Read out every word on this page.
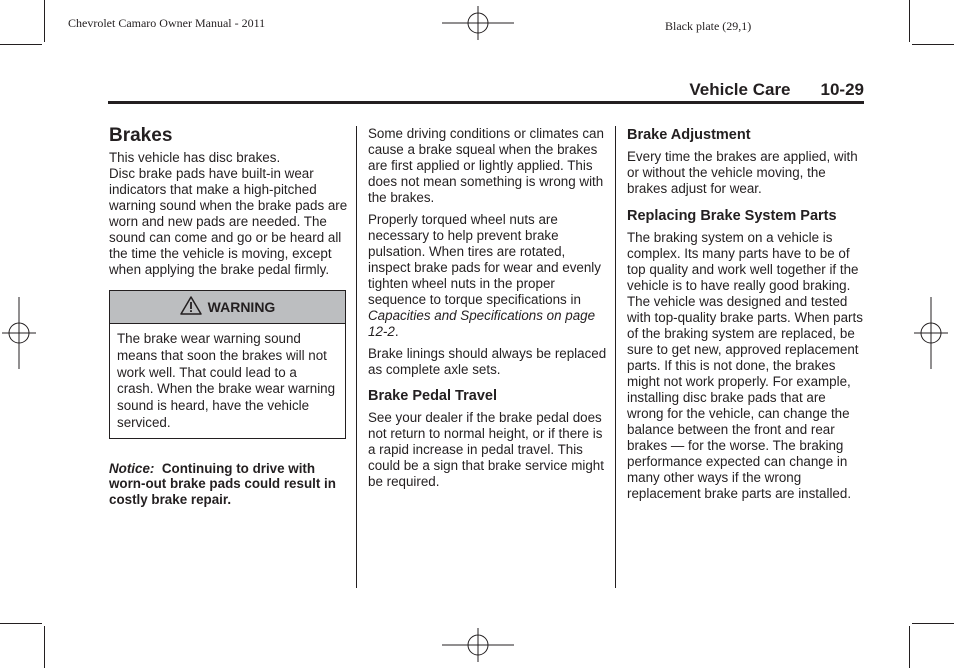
Chevrolet Camaro Owner Manual - 2011	Black plate (29,1)
Vehicle Care 10-29
Brakes

This vehicle has disc brakes.

Disc brake pads have built-in wear indicators that make a high-pitched warning sound when the brake pads are worn and new pads are needed. The sound can come and go or be heard all the time the vehicle is moving, except when applying the brake pedal firmly.

WARNING
The brake wear warning sound means that soon the brakes will not work well. That could lead to a crash. When the brake wear warning sound is heard, have the vehicle serviced.
Notice: Continuing to drive with worn-out brake pads could result in costly brake repair.

Some driving conditions or climates can cause a brake squeal when the brakes are first applied or lightly applied. This does not mean something is wrong with the brakes.

Properly torqued wheel nuts are necessary to help prevent brake pulsation. When tires are rotated, inspect brake pads for wear and evenly tighten wheel nuts in the proper sequence to torque specifications in Capacities and Specifications on page 12-2.

Brake linings should always be replaced as complete axle sets.

Brake Pedal Travel

See your dealer if the brake pedal does not return to normal height, or if there is a rapid increase in pedal travel. This could be a sign that brake service might be required.

Brake Adjustment

Every time the brakes are applied, with or without the vehicle moving, the brakes adjust for wear.

Replacing Brake System Parts

The braking system on a vehicle is complex. Its many parts have to be of top quality and work well together if the vehicle is to have really good braking. The vehicle was designed and tested with top-quality brake parts. When parts of the braking system are replaced, be sure to get new, approved replacement parts. If this is not done, the brakes might not work properly. For example, installing disc brake pads that are wrong for the vehicle, can change the balance between the front and rear brakes — for the worse. The braking performance expected can change in many other ways if the wrong replacement brake parts are installed.
